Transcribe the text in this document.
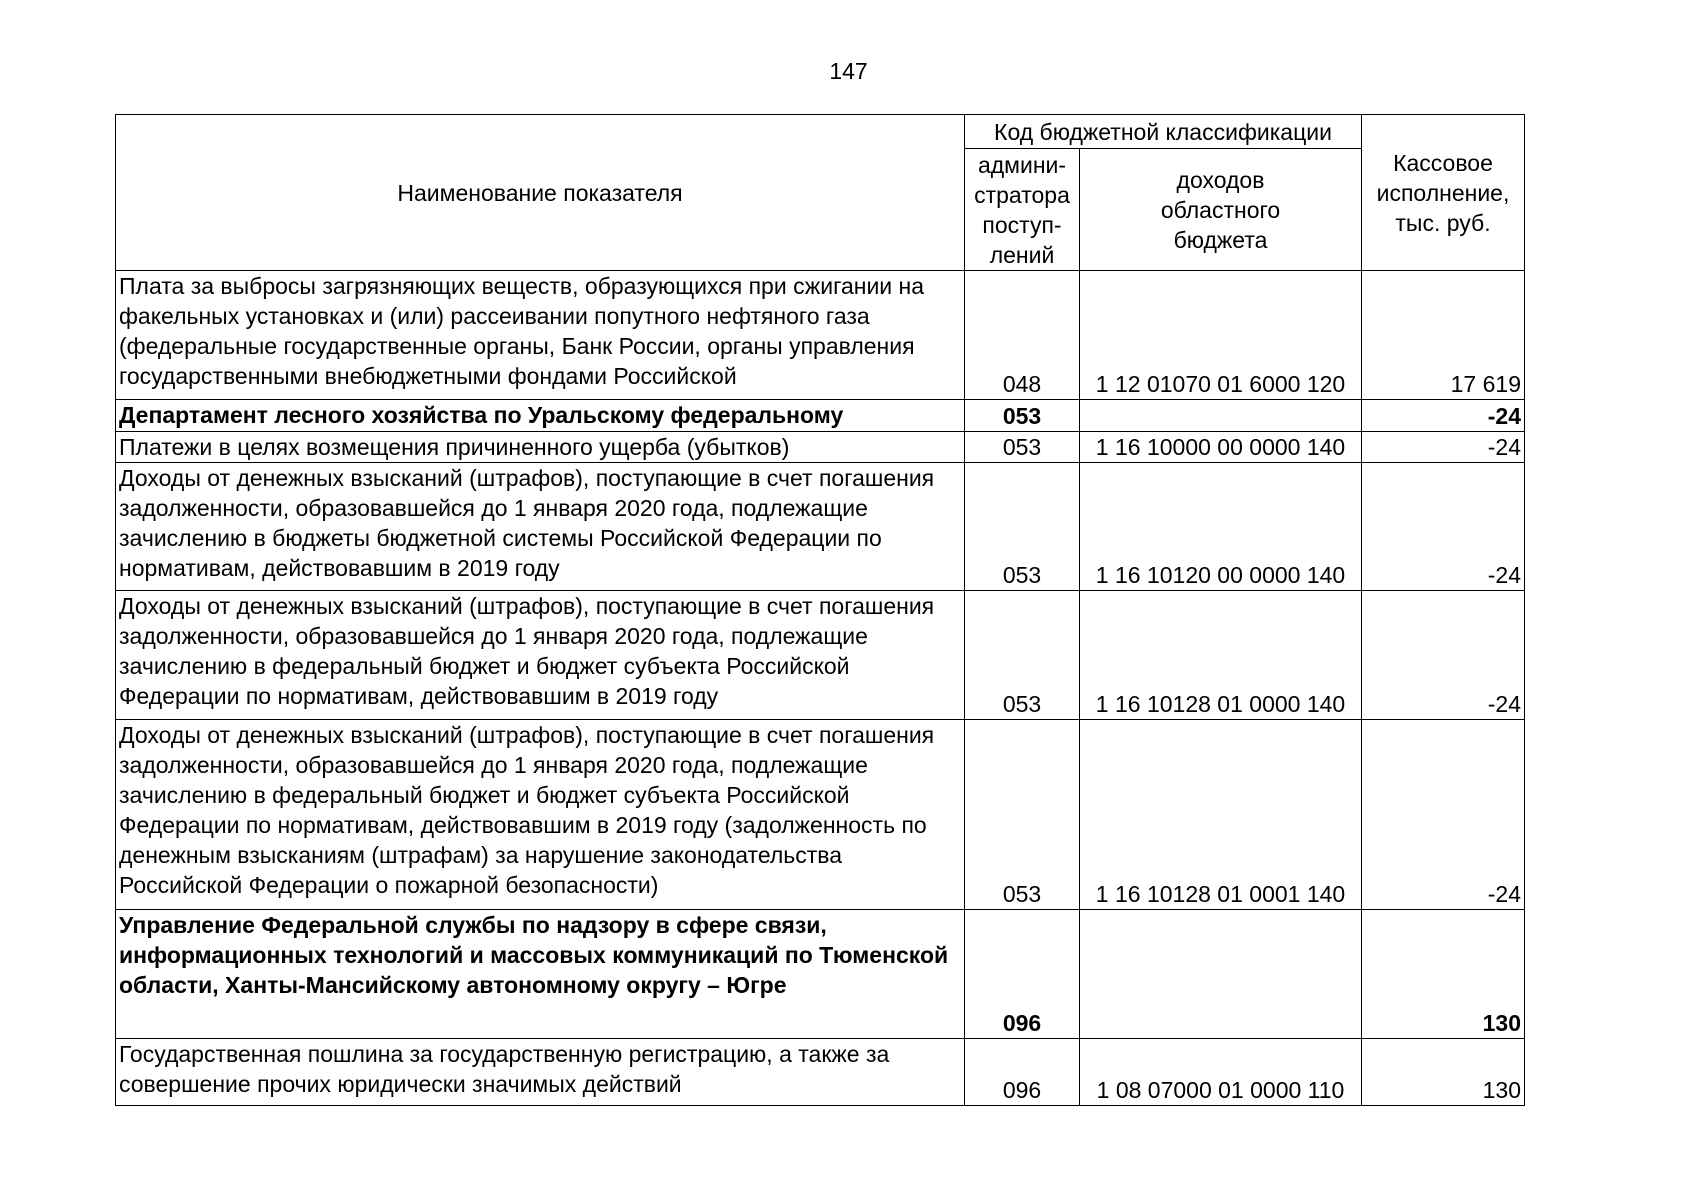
147
Наименование показателя	Код бюджетной классификации		Кассовое
исполнение,
тыс. руб.
	админи-
стратора
поступ-
лений	доходов
областного
бюджета	

Плата за выбросы загрязняющих веществ, образующихся при сжигании на факельных установках и (или) рассеивании попутного нефтяного газа (федеральные государственные органы, Банк России, органы управления государственными внебюджетными фондами Российской	048	1 12 01070 01 6000 120	17 619

Департамент лесного хозяйства по Уральскому федеральному	053		-24

Платежи в целях возмещения причиненного ущерба (убытков)	053	1 16 10000 00 0000 140	-24

Доходы от денежных взысканий (штрафов), поступающие в счет погашения задолженности, образовавшейся до 1 января 2020 года, подлежащие зачислению в бюджеты бюджетной системы Российской Федерации по нормативам, действовавшим в 2019 году	053	1 16 10120 00 0000 140	-24

Доходы от денежных взысканий (штрафов), поступающие в счет погашения задолженности, образовавшейся до 1 января 2020 года, подлежащие зачислению в федеральный бюджет и бюджет субъекта Российской Федерации по нормативам, действовавшим в 2019 году	053	1 16 10128 01 0000 140	-24

Доходы от денежных взысканий (штрафов), поступающие в счет погашения задолженности, образовавшейся до 1 января 2020 года, подлежащие зачислению в федеральный бюджет и бюджет субъекта Российской Федерации по нормативам, действовавшим в 2019 году (задолженность по денежным взысканиям (штрафам) за нарушение законодательства Российской Федерации о пожарной безопасности)	053	1 16 10128 01 0001 140	-24

Управление Федеральной службы по надзору в сфере связи, информационных технологий и массовых коммуникаций по Тюменской области, Ханты-Мансийскому автономному округу – Югре	096		130

Государственная пошлина за государственную регистрацию, а также за совершение прочих юридически значимых действий	096	1 08 07000 01 0000 110	130
